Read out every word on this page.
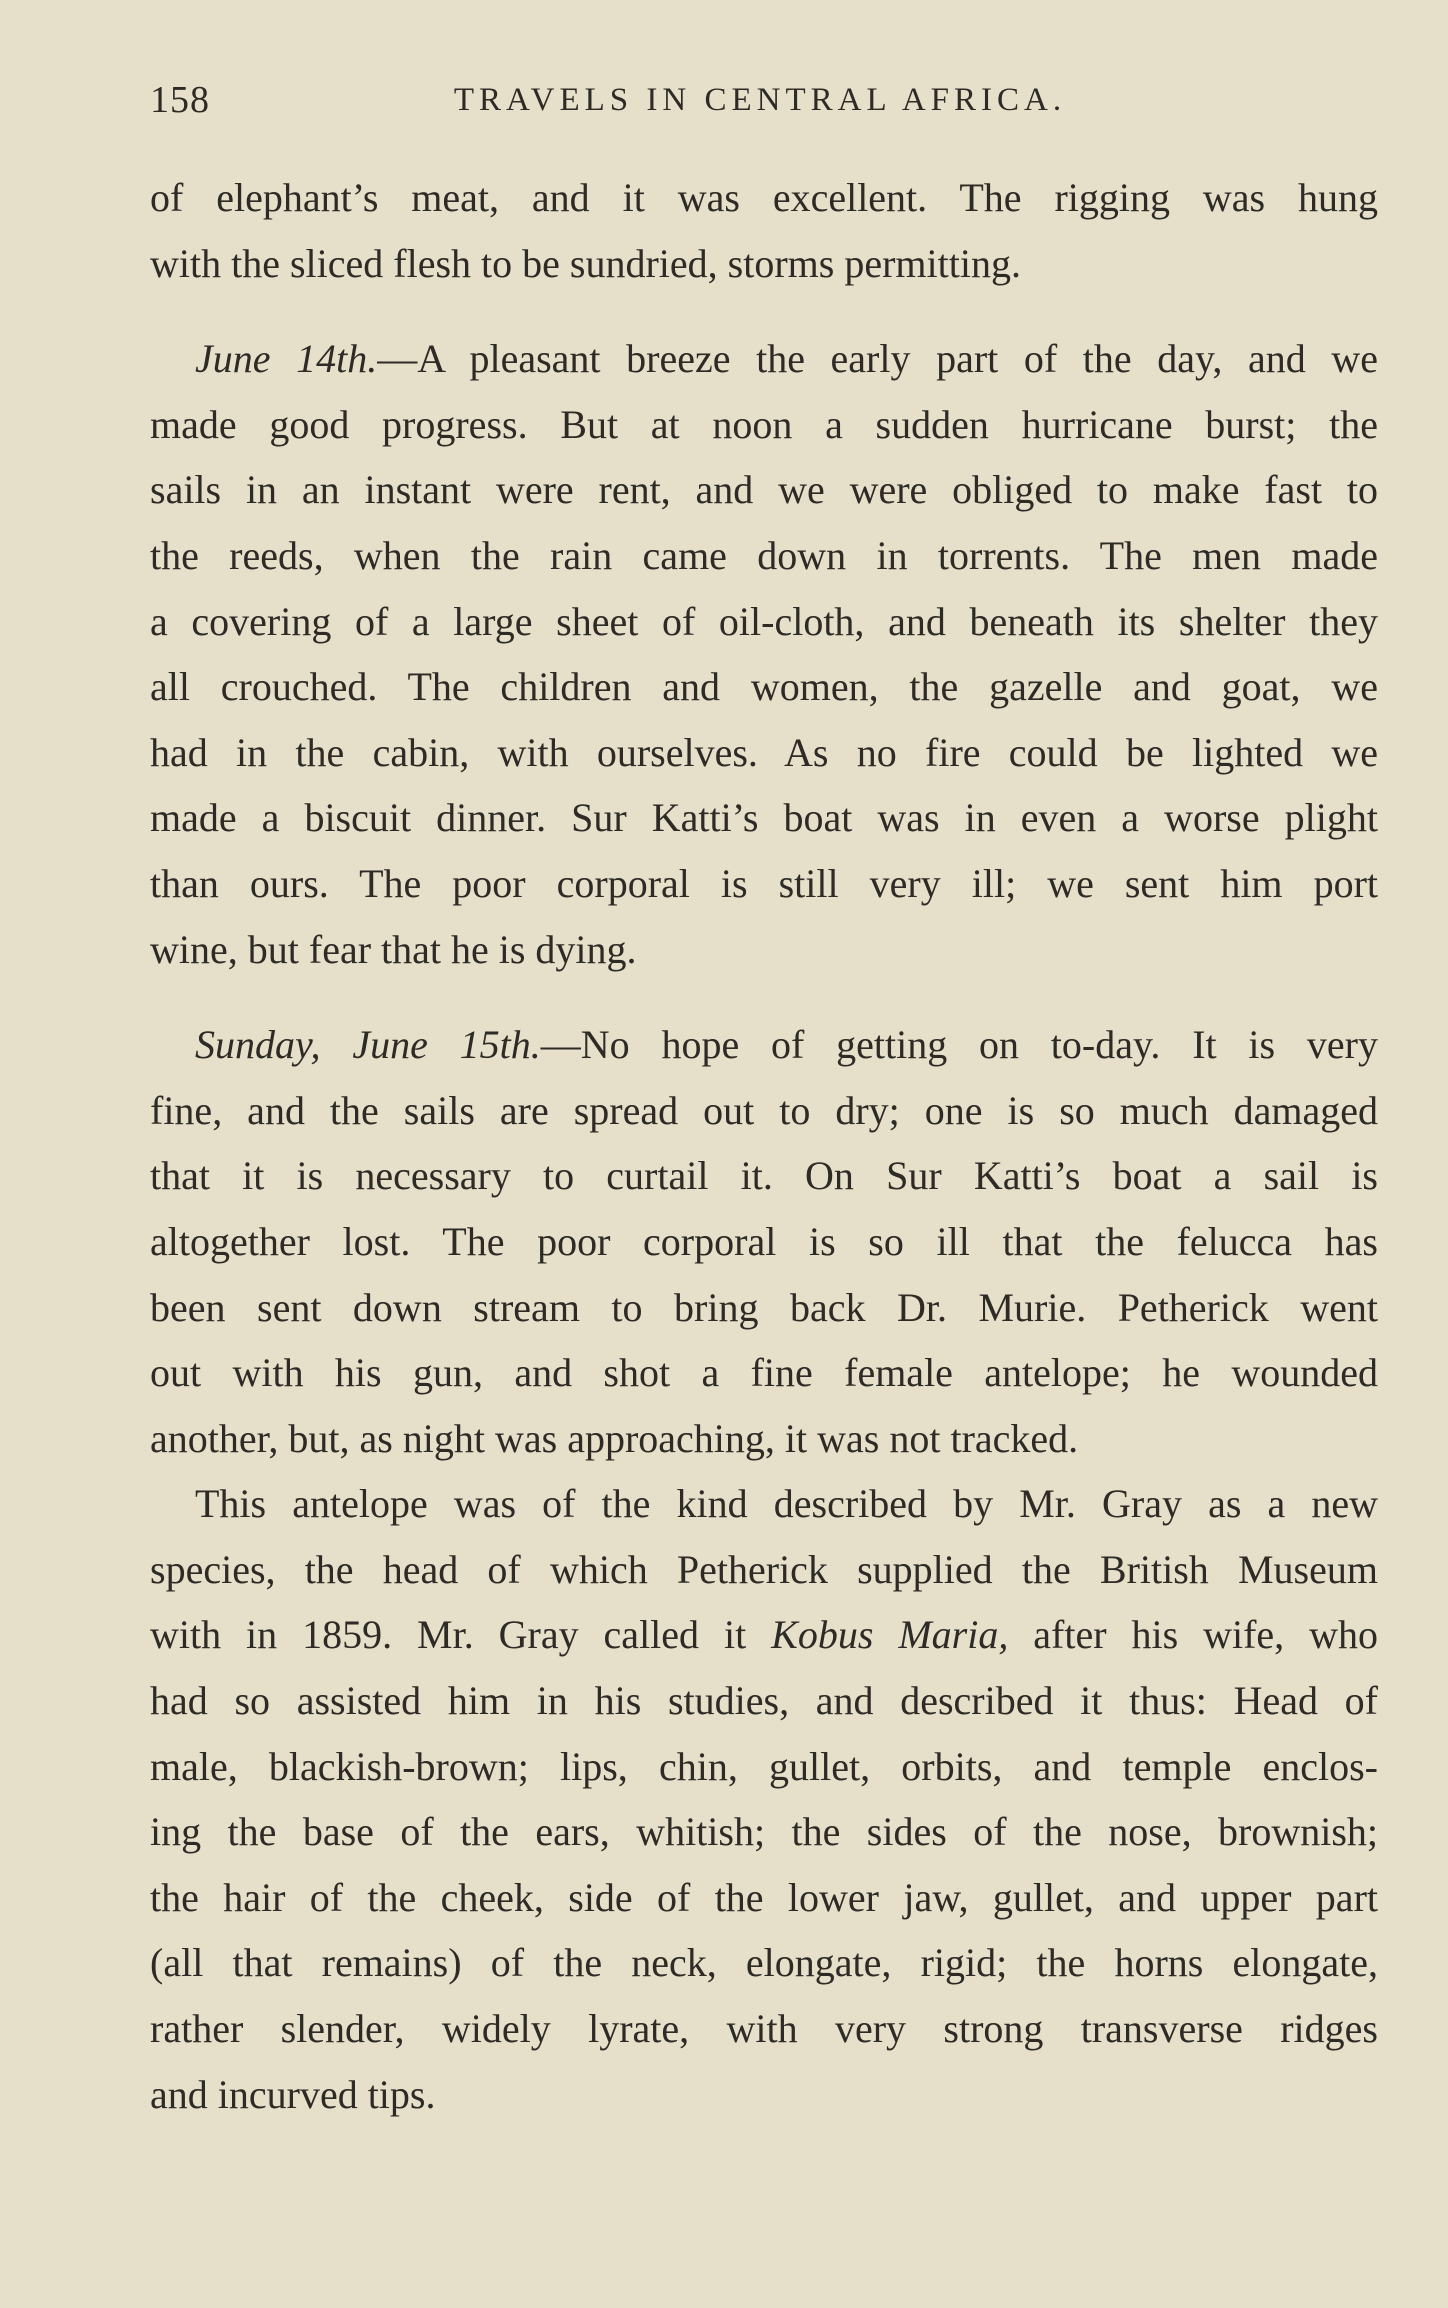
158	TRAVELS IN CENTRAL AFRICA.
of elephant’s meat, and it was excellent. The rigging was hung
with the sliced flesh to be sundried, storms permitting.
June 14th.—A pleasant breeze the early part of the day, and we
made good progress. But at noon a sudden hurricane burst; the
sails in an instant were rent, and we were obliged to make fast to
the reeds, when the rain came down in torrents. The men made
a covering of a large sheet of oil-cloth, and beneath its shelter they
all crouched. The children and women, the gazelle and goat, we
had in the cabin, with ourselves. As no fire could be lighted we
made a biscuit dinner. Sur Katti’s boat was in even a worse plight
than ours. The poor corporal is still very ill; we sent him port
wine, but fear that he is dying.
Sunday, June 15th.—No hope of getting on to-day. It is very
fine, and the sails are spread out to dry; one is so much damaged
that it is necessary to curtail it. On Sur Katti’s boat a sail is
altogether lost. The poor corporal is so ill that the felucca has
been sent down stream to bring back Dr. Murie. Petherick went
out with his gun, and shot a fine female antelope; he wounded
another, but, as night was approaching, it was not tracked.
This antelope was of the kind described by Mr. Gray as a new
species, the head of which Petherick supplied the British Museum
with in 1859. Mr. Gray called it Kobus Maria, after his wife, who
had so assisted him in his studies, and described it thus: Head of
male, blackish-brown; lips, chin, gullet, orbits, and temple enclos-
ing the base of the ears, whitish; the sides of the nose, brownish;
the hair of the cheek, side of the lower jaw, gullet, and upper part
(all that remains) of the neck, elongate, rigid; the horns elongate,
rather slender, widely lyrate, with very strong transverse ridges
and incurved tips.
